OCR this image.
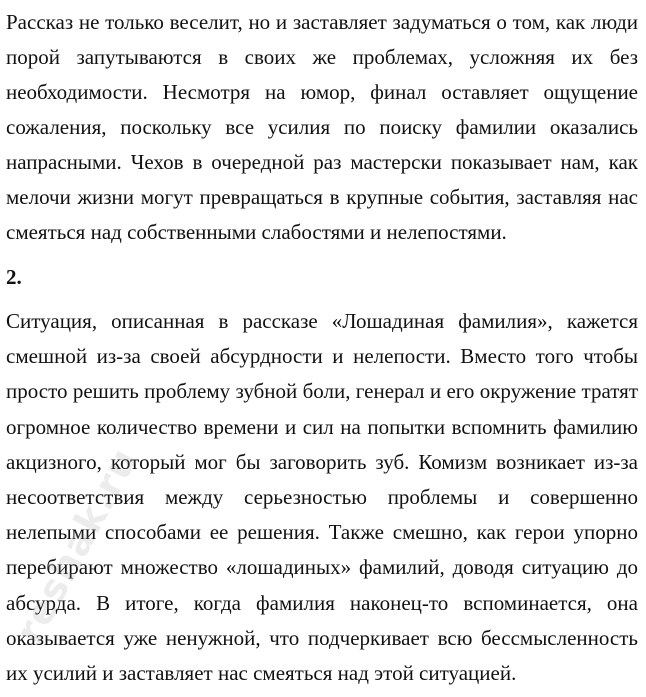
Рассказ не только веселит, но и заставляет задуматься о том, как люди порой запутываются в своих же проблемах, усложняя их без необходимости. Несмотря на юмор, финал оставляет ощущение сожаления, поскольку все усилия по поиску фамилии оказались напрасными. Чехов в очередной раз мастерски показывает нам, как мелочи жизни могут превращаться в крупные события, заставляя нас смеяться над собственными слабостями и нелепостями.

2.

Ситуация, описанная в рассказе «Лошадиная фамилия», кажется смешной из-за своей абсурдности и нелепости. Вместо того чтобы просто решить проблему зубной боли, генерал и его окружение тратят огромное количество времени и сил на попытки вспомнить фамилию акцизного, который мог бы заговорить зуб. Комизм возникает из-за несоответствия между серьезностью проблемы и совершенно нелепыми способами ее решения. Также смешно, как герои упорно перебирают множество «лошадиных» фамилий, доводя ситуацию до абсурда. В итоге, когда фамилия наконец-то вспоминается, она оказывается уже ненужной, что подчеркивает всю бессмысленность их усилий и заставляет нас смеяться над этой ситуацией.

reshak.ru
